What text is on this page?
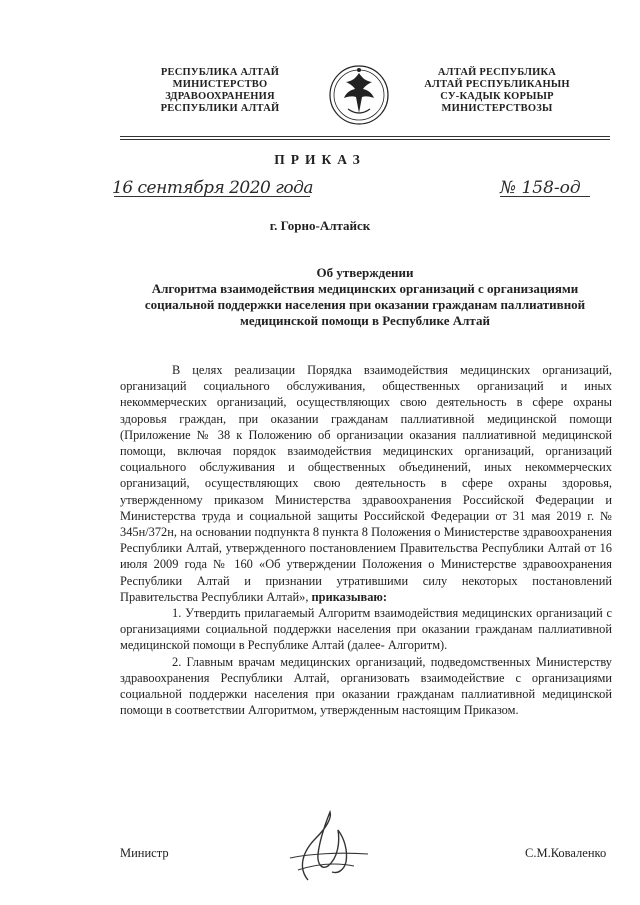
РЕСПУБЛИКА АЛТАЙ
МИНИСТЕРСТВО ЗДРАВООХРАНЕНИЯ
РЕСПУБЛИКИ АЛТАЙ
АЛТАЙ РЕСПУБЛИКА
АЛТАЙ РЕСПУБЛИКАНЫН
СУ-КАДЫК КОРЫЫР МИНИСТЕРСТВОЗЫ
ПРИКАЗ
16 сентября 2020 года	№ 158-од
г. Горно-Алтайск
Об утверждении
Алгоритма взаимодействия медицинских организаций с организациями
социальной поддержки населения при оказании гражданам паллиативной
медицинской помощи в Республике Алтай

В целях реализации Порядка взаимодействия медицинских организаций, организаций социального обслуживания, общественных организаций и иных некоммерческих организаций, осуществляющих свою деятельность в сфере охраны здоровья граждан, при оказании гражданам паллиативной медицинской помощи (Приложение № 38 к Положению об организации оказания паллиативной медицинской помощи, включая порядок взаимодействия медицинских организаций, организаций социального обслуживания и общественных объединений, иных некоммерческих организаций, осуществляющих свою деятельность в сфере охраны здоровья, утвержденному приказом Министерства здравоохранения Российской Федерации и Министерства труда и социальной защиты Российской Федерации от 31 мая 2019 г. № 345н/372н, на основании подпункта 8 пункта 8 Положения о Министерстве здравоохранения Республики Алтай, утвержденного постановлением Правительства Республики Алтай от 16 июля 2009 года № 160 «Об утверждении Положения о Министерстве здравоохранения Республики Алтай и признании утратившими силу некоторых постановлений Правительства Республики Алтай», приказываю:

1. Утвердить прилагаемый Алгоритм взаимодействия медицинских организаций с организациями социальной поддержки населения при оказании гражданам паллиативной медицинской помощи в Республике Алтай (далее- Алгоритм).

2. Главным врачам медицинских организаций, подведомственных Министерству здравоохранения Республики Алтай, организовать взаимодействие с организациями социальной поддержки населения при оказании гражданам паллиативной медицинской помощи в соответствии Алгоритмом, утвержденным настоящим Приказом.

Министр	С.М.Коваленко
